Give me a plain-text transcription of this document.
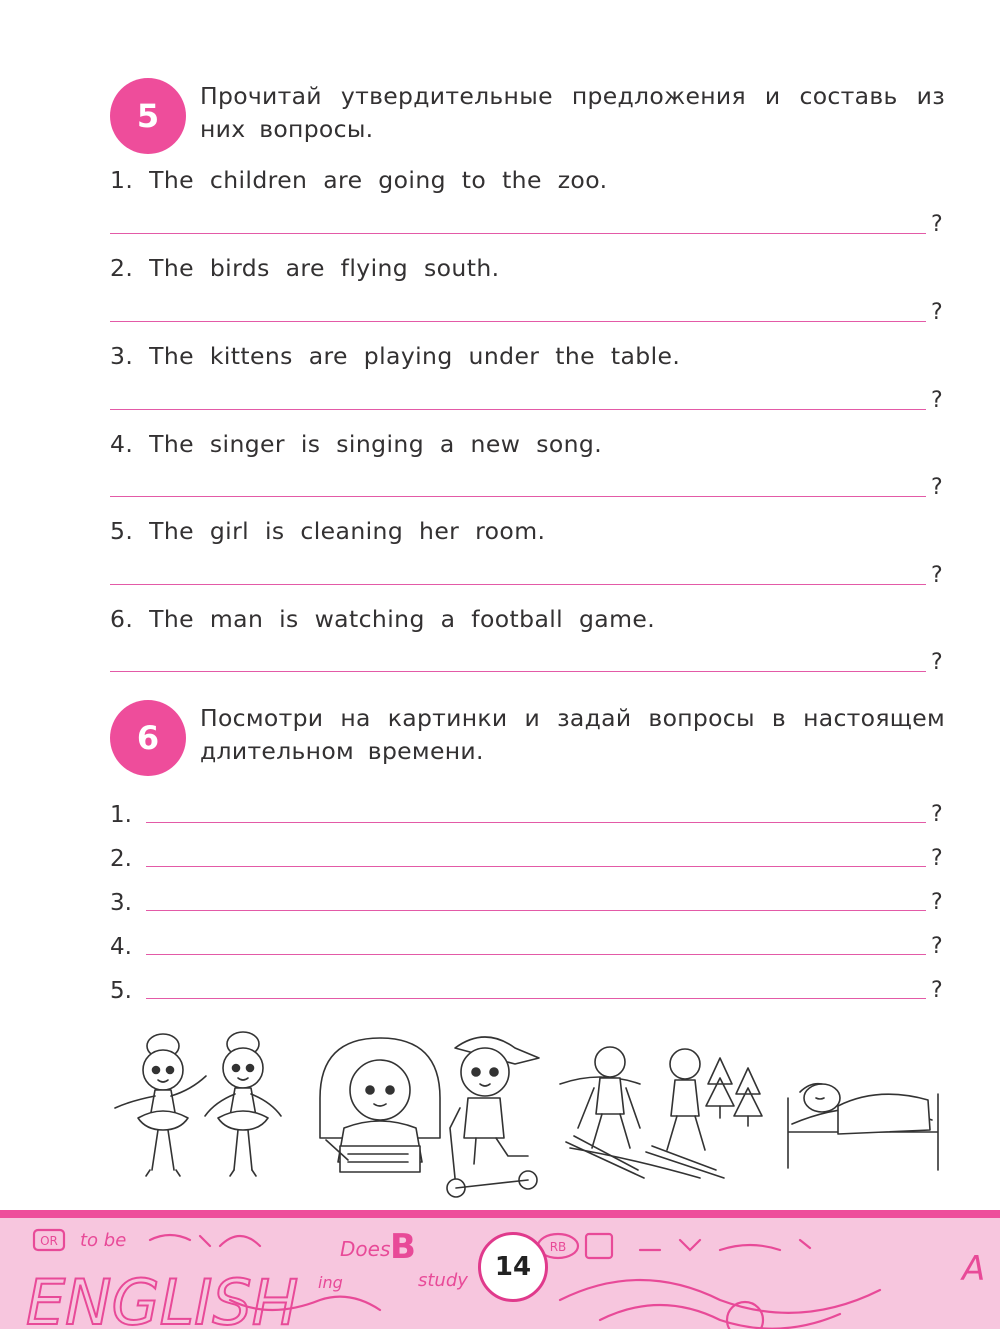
5
Прочитай утвердительные предложения и составь из них вопросы.
1. The children are going to the zoo.
?
2. The birds are flying south.
?
3. The kittens are playing under the table.
?
4. The singer is singing a new song.
?
5. The girl is cleaning her room.
?
6. The man is watching a football game.
?
6
Посмотри на картинки и задай вопросы в настоящем длительном времени.
1.	?
2.	?
3.	?
4.	?
5.	?
OR to be
ENGLISH ing
Does B
study
RB
A
14
